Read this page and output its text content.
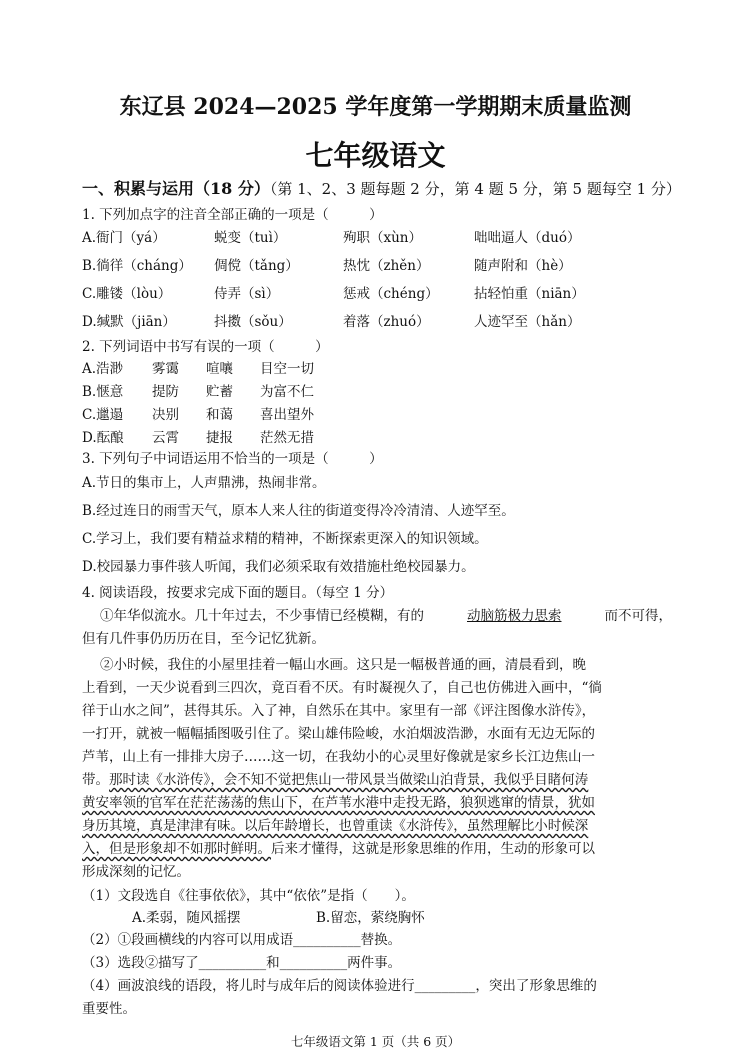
东辽县 2024—2025 学年度第一学期期末质量监测
七年级语文
一、积累与运用（18 分）（第 1、2、3 题每题 2 分，第 4 题 5 分，第 5 题每空 1 分）
1. 下列加点字的注音全部正确的一项是（　　　）
A.衙门（yá）	蜕变（tuì）	殉职（xùn）	咄咄逼人（duó）
B.徜徉（cháng） 倜傥（tǎng）	热忱（zhěn）	随声附和（hè）
C.雕镂（lòu）	侍弄（sì）	惩戒（chéng）	拈轻怕重（niān）
D.缄默（jiān）	抖擞（sǒu）	着落（zhuó）	人迹罕至（hǎn）
2. 下列词语中书写有误的一项（　　　）
A.浩渺 雾霭 喧嚷 目空一切
B.惬意 提防 贮蓄 为富不仁
C.邋遢 决别 和蔼 喜出望外
D.酝酿 云霄 捷报 茫然无措
3. 下列句子中词语运用不恰当的一项是（　　　）
A.节日的集市上，人声鼎沸，热闹非常。
B.经过连日的雨雪天气，原本人来人往的街道变得冷冷清清、人迹罕至。
C.学习上，我们要有精益求精的精神，不断探索更深入的知识领域。
D.校园暴力事件骇人听闻，我们必须采取有效措施杜绝校园暴力。
4. 阅读语段，按要求完成下面的题目。（每空 1 分）
①年华似流水。几十年过去，不少事情已经模糊，有的	动脑筋极力思索	而不可得，
但有几件事仍历历在目，至今记忆犹新。
②小时候，我住的小屋里挂着一幅山水画。这只是一幅极普通的画，清晨看到，晚
上看到，一天少说看到三四次，竟百看不厌。有时凝视久了，自己也仿佛进入画中，“徜
徉于山水之间”，甚得其乐。入了神，自然乐在其中。家里有一部《评注图像水浒传》，
一打开，就被一幅幅插图吸引住了。梁山雄伟险峻，水泊烟波浩渺，水面有无边无际的
芦苇，山上有一排排大房子……这一切，在我幼小的心灵里好像就是家乡长江边焦山一
带。那时读《水浒传》，会不知不觉把焦山一带风景当做梁山泊背景，我似乎目睹何涛
黄安率领的官军在茫茫荡荡的焦山下，在芦苇水港中走投无路，狼狈逃窜的情景，犹如
身历其境，真是津津有味。以后年龄增长，也曾重读《水浒传》，虽然理解比小时候深
入，但是形象却不如那时鲜明。后来才懂得，这就是形象思维的作用，生动的形象可以
形成深刻的记忆。
（1）文段选自《往事依依》，其中“依依”是指（　　）。
A.柔弱，随风摇摆	B.留恋，萦绕胸怀
（2）①段画横线的内容可以用成语__________替换。
（3）选段②描写了__________和__________两件事。
（4）画波浪线的语段，将儿时与成年后的阅读体验进行_________，突出了形象思维的
重要性。
七年级语文第 1 页（共 6 页）
